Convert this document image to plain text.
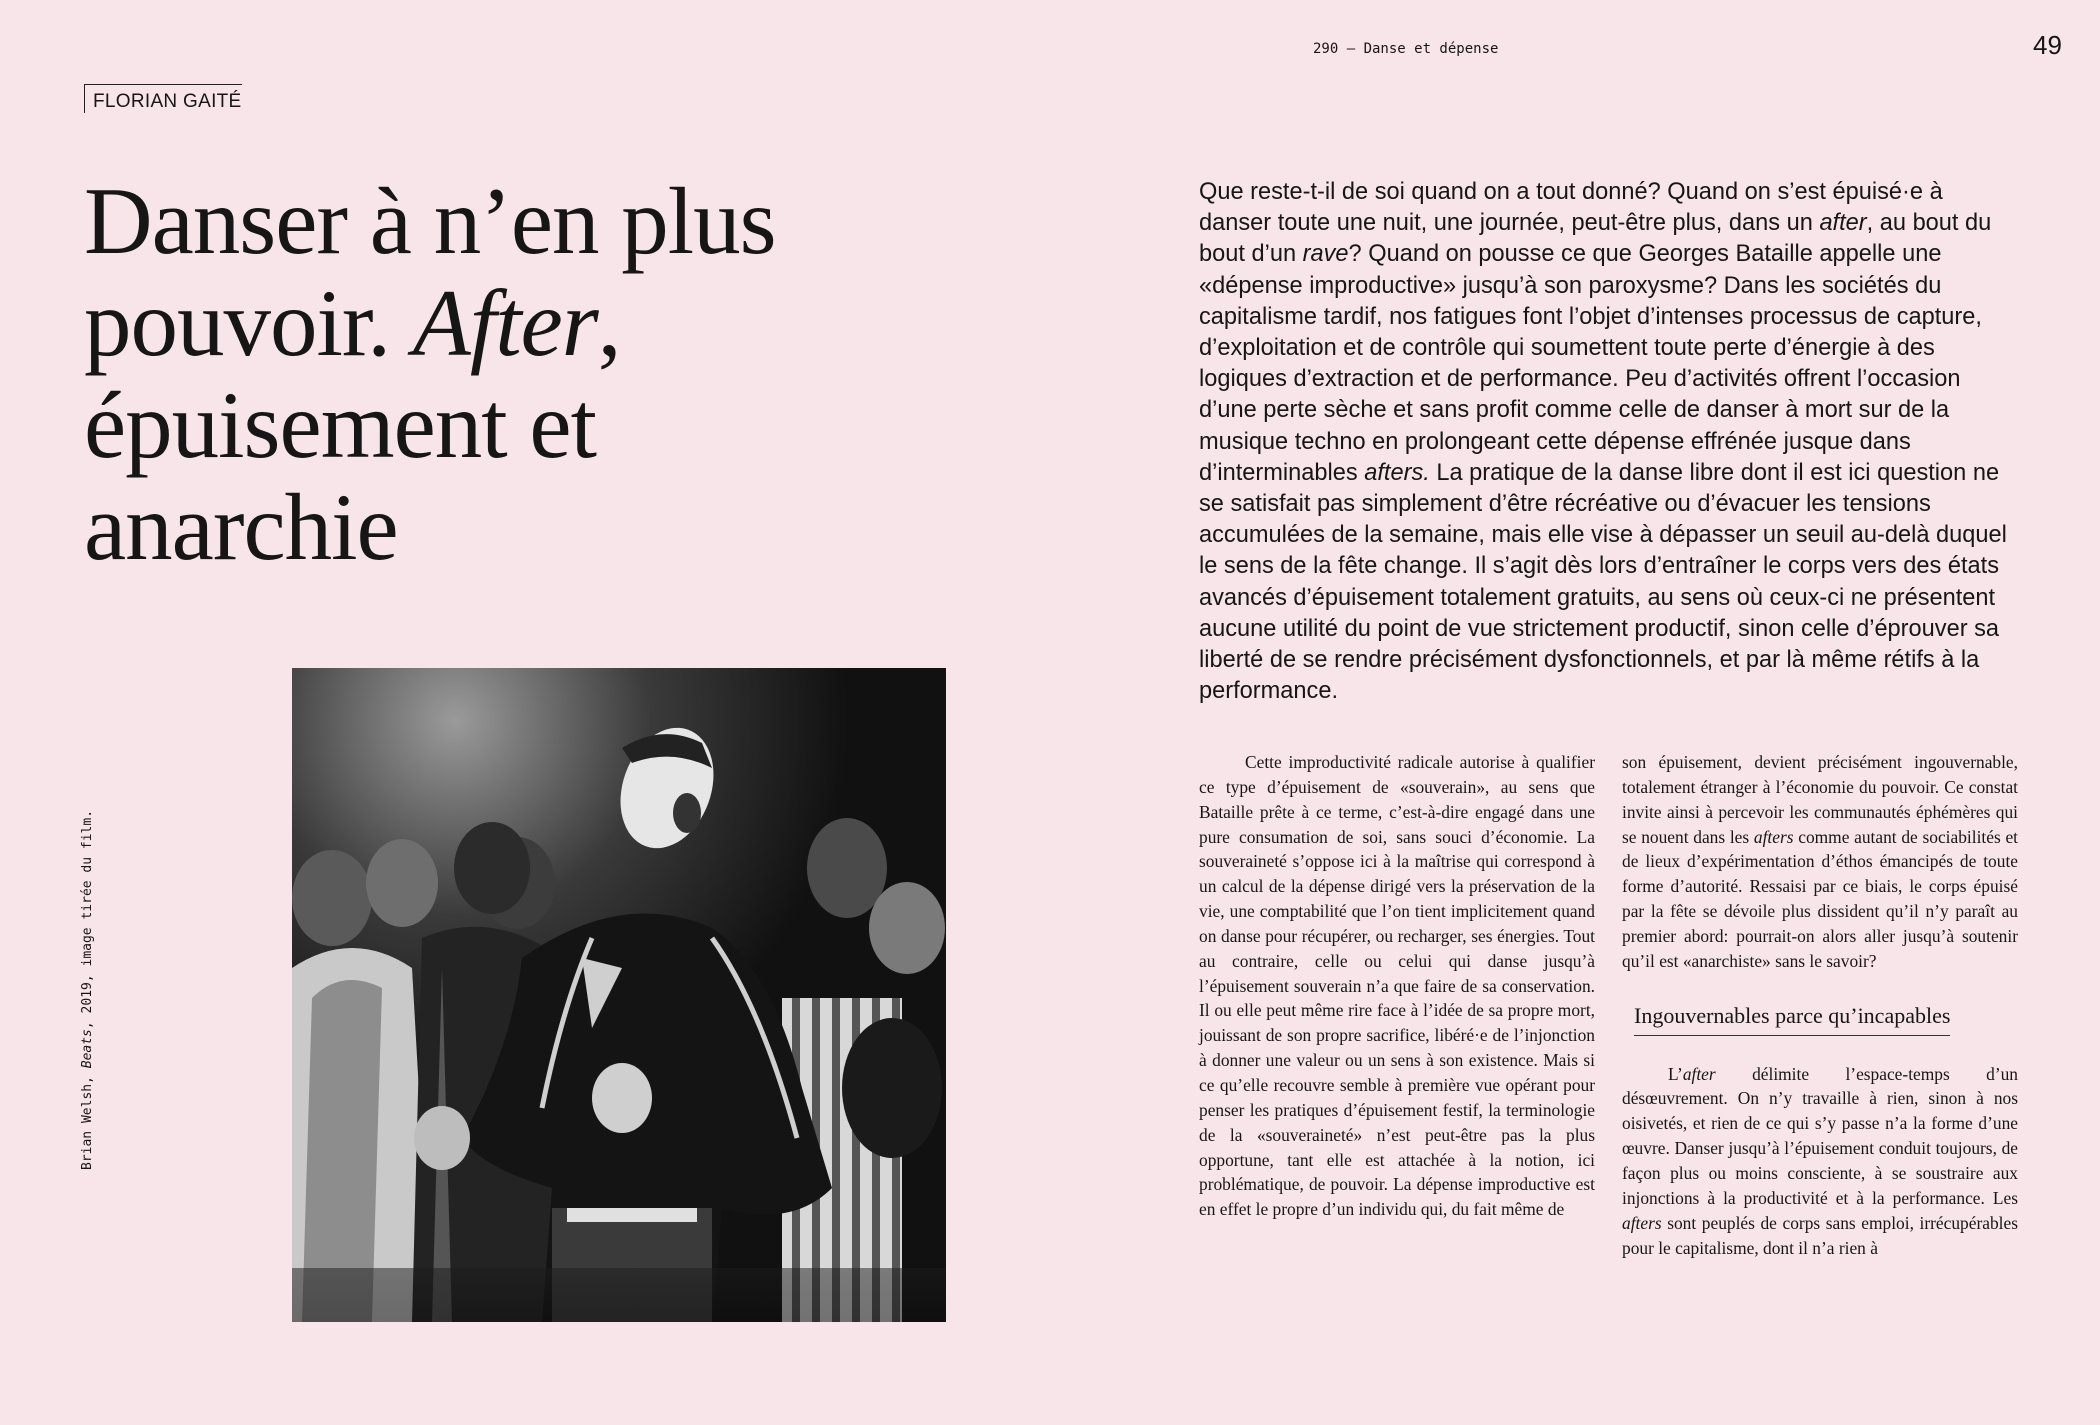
FLORIAN GAITÉ
290 — Danse et dépense	49
Danser à n’en plus
pouvoir. After,
épuisement et
anarchie
Brian Welsh, Beats, 2019, image tirée du film.

Que reste-t-il de soi quand on a tout donné? Quand on s’est épuisé·e à danser toute une nuit, une journée, peut-être plus, dans un after, au bout du bout d’un rave? Quand on pousse ce que Georges Bataille appelle une «dépense improductive» jusqu’à son paroxysme? Dans les sociétés du capitalisme tardif, nos fatigues font l’objet d’intenses processus de capture, d’exploitation et de contrôle qui soumettent toute perte d’énergie à des logiques d’extraction et de performance. Peu d’activités offrent l’occasion d’une perte sèche et sans profit comme celle de danser à mort sur de la musique techno en prolongeant cette dépense effrénée jusque dans d’interminables afters. La pratique de la danse libre dont il est ici question ne se satisfait pas simplement d’être récréative ou d’évacuer les tensions accumulées de la semaine, mais elle vise à dépasser un seuil au-delà duquel le sens de la fête change. Il s’agit dès lors d’entraîner le corps vers des états avancés d’épuisement totalement gratuits, au sens où ceux-ci ne présentent aucune utilité du point de vue strictement productif, sinon celle d’éprouver sa liberté de se rendre précisément dysfonctionnels, et par là même rétifs à la performance.

Cette improductivité radicale autorise à qualifier ce type d’épuisement de «souverain», au sens que Bataille prête à ce terme, c’est-à-dire engagé dans une pure consumation de soi, sans souci d’économie. La souveraineté s’oppose ici à la maîtrise qui correspond à un calcul de la dépense dirigé vers la préservation de la vie, une comptabilité que l’on tient implicitement quand on danse pour récupérer, ou recharger, ses énergies. Tout au contraire, celle ou celui qui danse jusqu’à l’épuisement souverain n’a que faire de sa conservation. Il ou elle peut même rire face à l’idée de sa propre mort, jouissant de son propre sacrifice, libéré·e de l’injonction à donner une valeur ou un sens à son existence. Mais si ce qu’elle recouvre semble à première vue opérant pour penser les pratiques d’épuisement festif, la terminologie de la «souveraineté» n’est peut-être pas la plus opportune, tant elle est attachée à la notion, ici problématique, de pouvoir. La dépense improductive est en effet le propre d’un individu qui, du fait même de

son épuisement, devient précisément ingouvernable, totalement étranger à l’économie du pouvoir. Ce constat invite ainsi à percevoir les communautés éphémères qui se nouent dans les afters comme autant de sociabilités et de lieux d’expérimentation d’éthos émancipés de toute forme d’autorité. Ressaisi par ce biais, le corps épuisé par la fête se dévoile plus dissident qu’il n’y paraît au premier abord: pourrait-on alors aller jusqu’à soutenir qu’il est «anarchiste» sans le savoir?

Ingouvernables parce qu’incapables

L’after délimite l’espace-temps d’un désœuvrement. On n’y travaille à rien, sinon à nos oisivetés, et rien de ce qui s’y passe n’a la forme d’une œuvre. Danser jusqu’à l’épuisement conduit toujours, de façon plus ou moins consciente, à se soustraire aux injonctions à la productivité et à la performance. Les afters sont peuplés de corps sans emploi, irrécupérables pour le capitalisme, dont il n’a rien à
